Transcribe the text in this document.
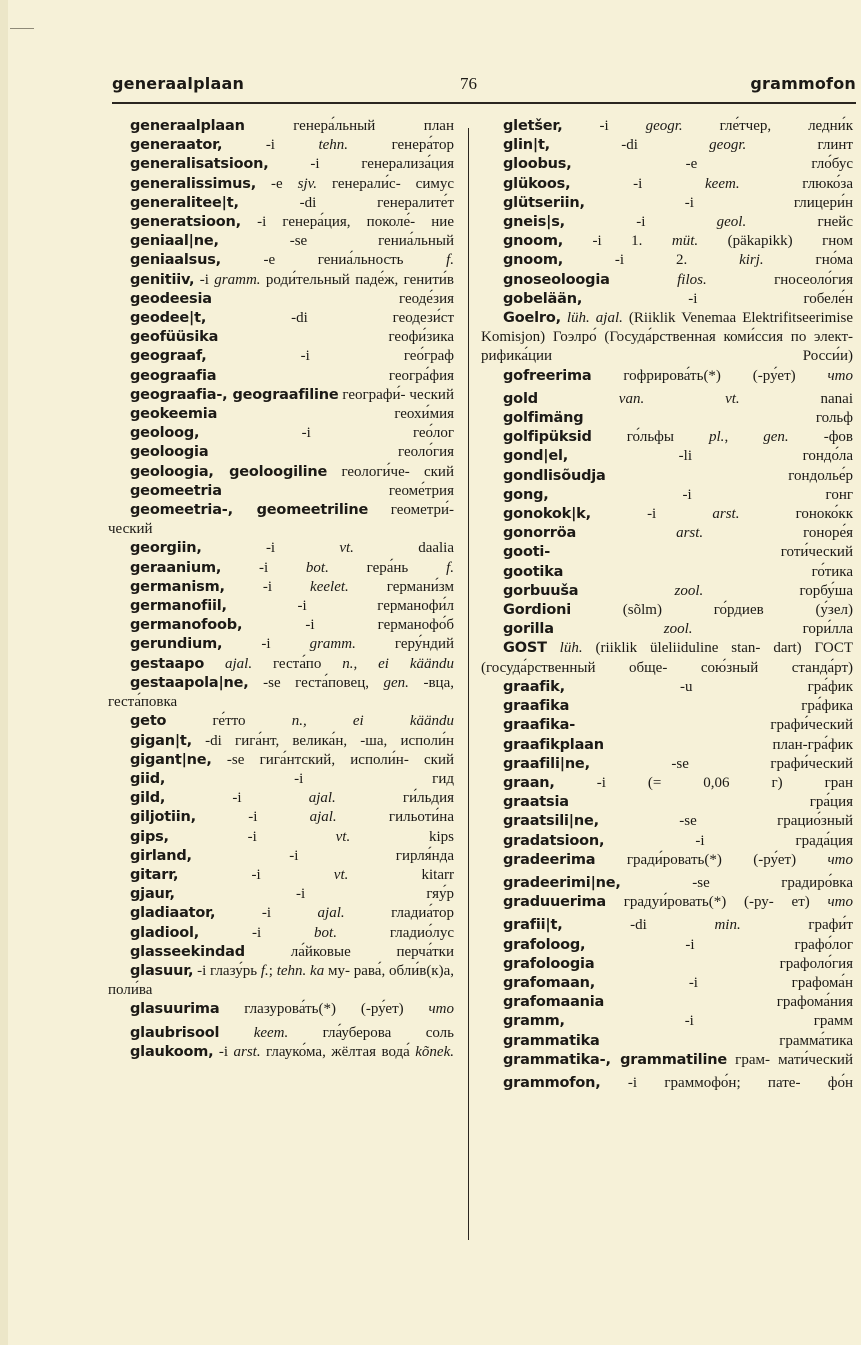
generaalplaan	76	grammofon

generaalplaan генера́льный план

generaator, -i tehn. генера́тор

generalisatsioon, -i генерализа́ция

generalissimus, -e sjv. генерали́с- симус

generalitee|t, -di генералите́т

generatsioon, -i генера́ция, поколе́- ние

geniaal|ne, -se гениа́льный

geniaalsus, -e гениа́льность f.

genitiiv, -i gramm. роди́тельный паде́ж, генити́в

geodeesia геоде́зия

geodee|t, -di геодези́ст

geofüüsika геофи́зика

geograaf, -i гео́граф

geograafia геогра́фия

geograafia-, geograafiline географи́- ческий

geokeemia геохи́мия

geoloog, -i гео́лог

geoloogia геоло́гия

geoloogia, geoloogiline геологи́че- ский

geomeetria геоме́трия

geomeetria-, geomeetriline геометри́- ческий

georgiin, -i vt. daalia

geraanium, -i bot. гера́нь f.

germanism, -i keelet. германи́зм

germanofiil, -i германофи́л

germanofoob, -i германофо́б

gerundium, -i gramm. геру́ндий

gestaapo ajal. геста́по n., ei käändu

gestaapola|ne, -se геста́повец, gen. -вца, геста́повка

geto ге́тто n., ei käändu

gigan|t, -di гига́нт, велика́н, -ша, исполи́н

gigant|ne, -se гига́нтский, исполи́н- ский

giid, -i гид

gild, -i ajal. ги́льдия

giljotiin, -i ajal. гильоти́на

gips, -i vt. kips

girland, -i гирля́нда

gitarr, -i vt. kitarr

gjaur, -i гяу́р

gladiaator, -i ajal. гладиа́тор

gladiool, -i bot. гладио́лус

glasseekindad ла́йковые перча́тки

glasuur, -i глазу́рь f.; tehn. ka му- рава́, обли́в(к)а, поли́ва

glasuurima глазурова́ть(*) (-ру́ет) что

glaubrisool keem. гла́уберова соль

glaukoom, -i arst. глауко́ма, жёлтая вода́ kõnek.

gletšer, -i geogr. гле́тчер, ледни́к

glin|t, -di geogr. глинт

gloobus, -e гло́бус

glükoos, -i keem. глюко́за

glütseriin, -i глицери́н

gneis|s, -i geol. гнейс

gnoom, -i 1. müt. (päkapikk) гном

gnoom, -i 2. kirj. гно́ма

gnoseoloogia	filos. гносеоло́гия

gobelään, -i гобеле́н

Goelro, lüh. ajal. (Riiklik Venemaa Elektrifitseerimise Komisjon) Гоэлро́ (Госуда́рственная коми́ссия по элект- рифика́ции Росси́и)

gofreerima гофрирова́ть(*) (-ру́ет) что

gold	van. vt. nanai

golfimäng гольф

golfipüksid го́льфы pl., gen. -фов

gond|el, -li гондо́ла

gondlisõudja гондолье́р

gong, -i гонг

gonokok|k, -i arst. гоноко́кк

gonorröa	arst. гоноре́я

gooti- готи́ческий

gootika го́тика

gorbuuša	zool. горбу́ша

Gordioni (sõlm) го́рдиев (у́зел)

gorilla	zool. гори́лла

GOST lüh. (riiklik üleliiduline stan- dart) ГОСТ (госуда́рственный обще- сою́зный станда́рт)

graafik, -u гра́фик

graafika гра́фика

graafika- графи́ческий

graafikplaan план-гра́фик

graafili|ne, -se графи́ческий

graan, -i (= 0,06 г) гран

graatsia гра́ция

graatsili|ne, -se грацио́зный

gradatsioon, -i града́ция

gradeerima гради́ровать(*) (-ру́ет) что

gradeerimi|ne, -se градиро́вка

graduuerima градуи́ровать(*) (-ру- ет) что

grafii|t, -di min. графи́т

grafoloog, -i графо́лог

grafoloogia графоло́гия

grafomaan, -i графома́н

grafomaania графома́ния

gramm, -i грамм

grammatika грамма́тика

grammatika-, grammatiline грам- мати́ческий

grammofon, -i граммофо́н; пате- фо́н
